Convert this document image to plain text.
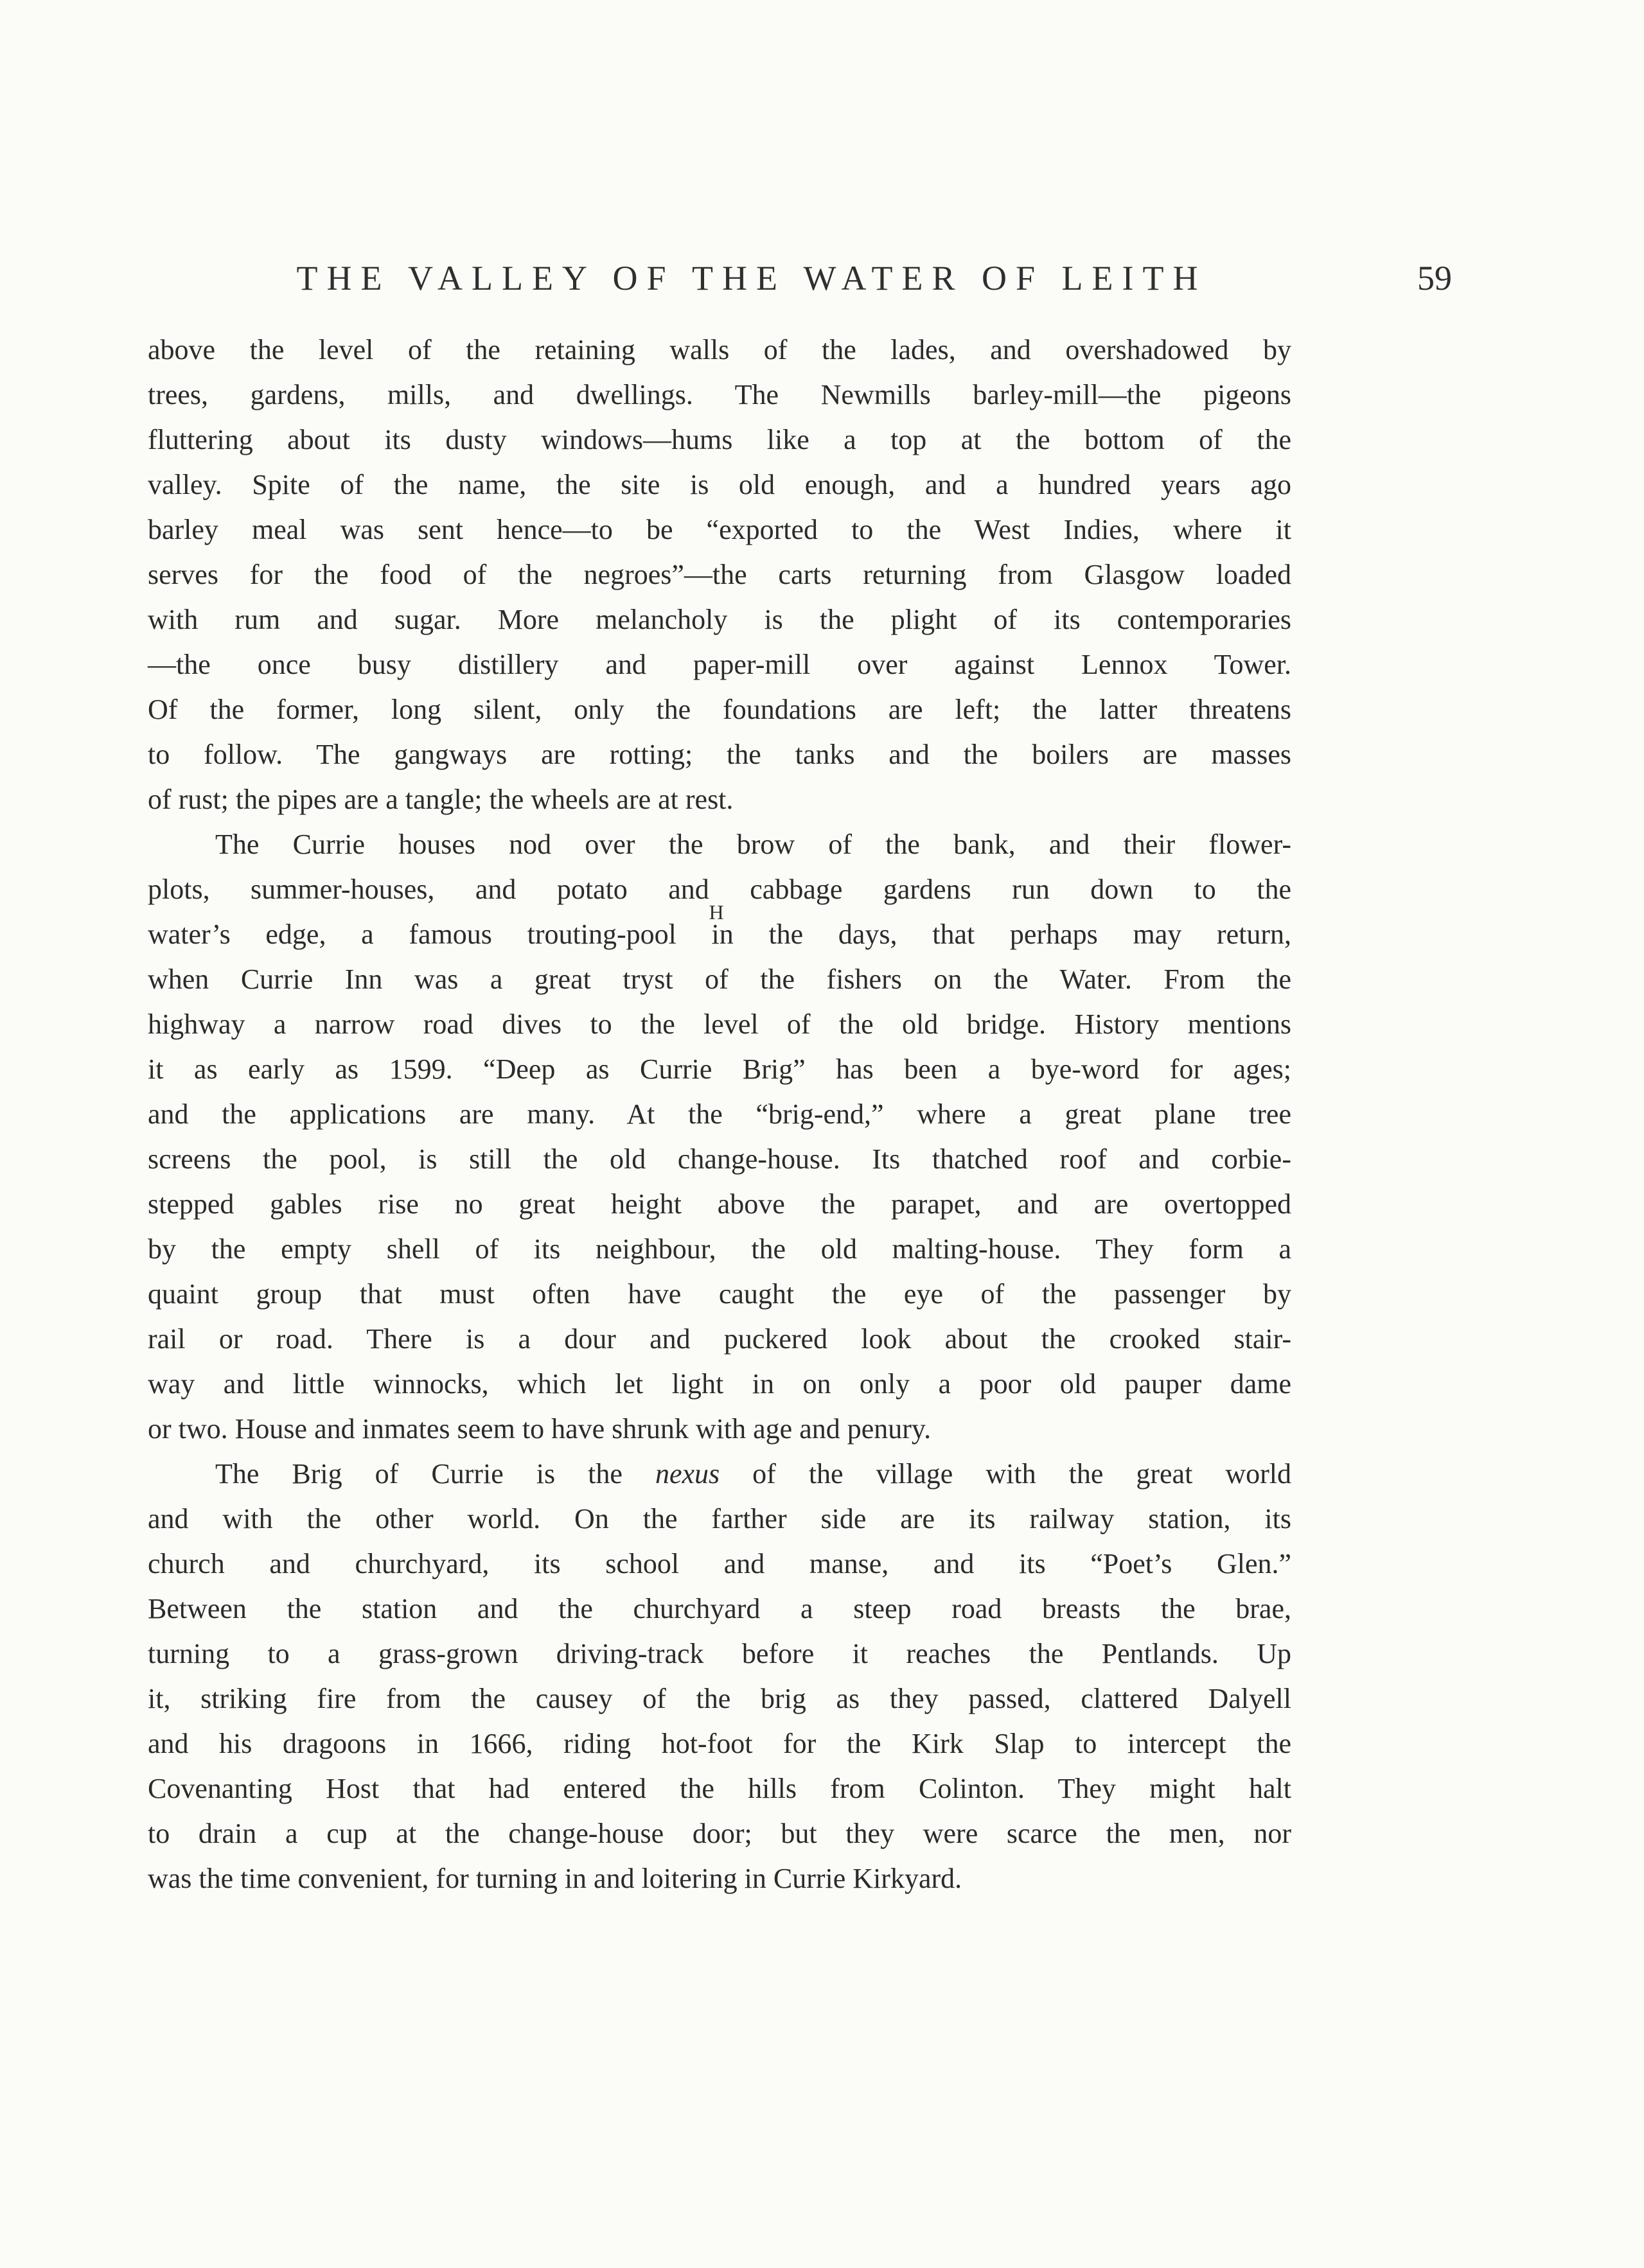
THE VALLEY OF THE WATER OF LEITH	59
above the level of the retaining walls of the lades, and overshadowed by
trees, gardens, mills, and dwellings. The Newmills barley-mill—the pigeons
fluttering about its dusty windows—hums like a top at the bottom of the
valley. Spite of the name, the site is old enough, and a hundred years ago
barley meal was sent hence—to be “exported to the West Indies, where it
serves for the food of the negroes”—the carts returning from Glasgow loaded
with rum and sugar. More melancholy is the plight of its contemporaries
—the once busy distillery and paper-mill over against Lennox Tower.
Of the former, long silent, only the foundations are left; the latter threatens
to follow. The gangways are rotting; the tanks and the boilers are masses
of rust; the pipes are a tangle; the wheels are at rest.
The Currie houses nod over the brow of the bank, and their flower-
plots, summer-houses, and potato and cabbage gardens run down to the
water’s edge, a famous trouting-pool in the days, that perhaps may return,
when Currie Inn was a great tryst of the fishers on the Water. From the
highway a narrow road dives to the level of the old bridge. History mentions
it as early as 1599. “Deep as Currie Brig” has been a bye-word for ages;
and the applications are many. At the “brig-end,” where a great plane tree
screens the pool, is still the old change-house. Its thatched roof and corbie-
stepped gables rise no great height above the parapet, and are overtopped
by the empty shell of its neighbour, the old malting-house. They form a
quaint group that must often have caught the eye of the passenger by
rail or road. There is a dour and puckered look about the crooked stair-
way and little winnocks, which let light in on only a poor old pauper dame
or two. House and inmates seem to have shrunk with age and penury.
The Brig of Currie is the nexus of the village with the great world
and with the other world. On the farther side are its railway station, its
church and churchyard, its school and manse, and its “Poet’s Glen.”
Between the station and the churchyard a steep road breasts the brae,
turning to a grass-grown driving-track before it reaches the Pentlands. Up
it, striking fire from the causey of the brig as they passed, clattered Dalyell
and his dragoons in 1666, riding hot-foot for the Kirk Slap to intercept the
Covenanting Host that had entered the hills from Colinton. They might halt
to drain a cup at the change-house door; but they were scarce the men, nor
was the time convenient, for turning in and loitering in Currie Kirkyard.
H
